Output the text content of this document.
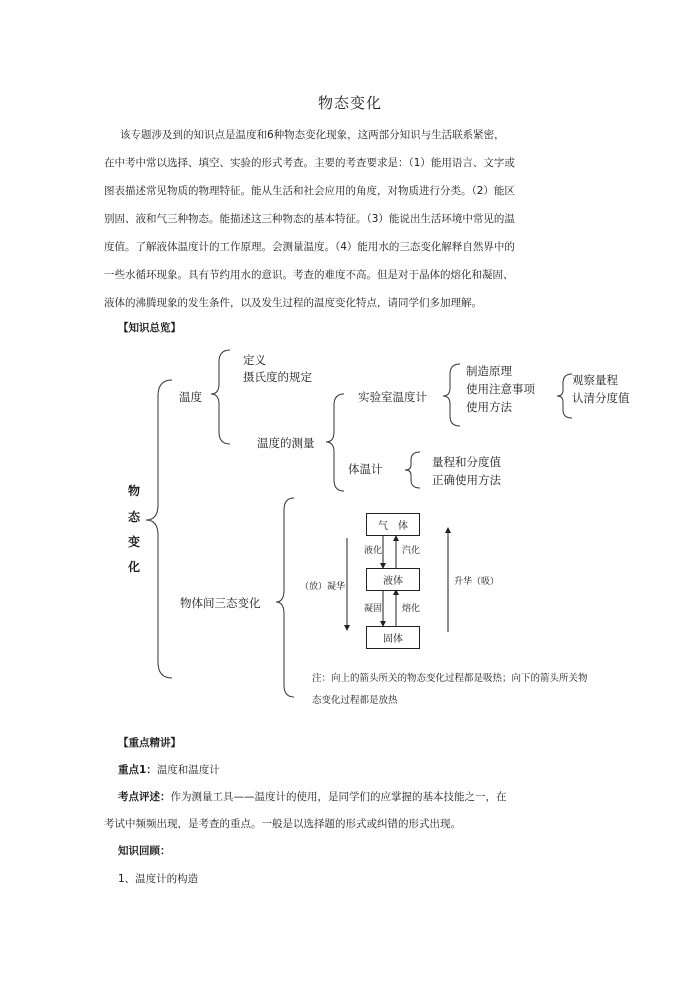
物态变化
该专题涉及到的知识点是温度和6种物态变化现象，这两部分知识与生活联系紧密，
在中考中常以选择、填空、实验的形式考查。主要的考查要求是：（1）能用语言、文字或
图表描述常见物质的物理特征。能从生活和社会应用的角度，对物质进行分类。（2）能区
别固、液和气三种物态。能描述这三种物态的基本特征。（3）能说出生活环境中常见的温
度值。了解液体温度计的工作原理。会测量温度。（4）能用水的三态变化解释自然界中的
一些水循环现象。具有节约用水的意识。考查的难度不高。但是对于晶体的熔化和凝固、
液体的沸腾现象的发生条件，以及发生过程的温度变化特点，请同学们多加理解。
【知识总览】
物
态
变
化
温度
定义
摄氏度的规定
温度的测量
实验室温度计
制造原理
使用注意事项
使用方法
观察量程
认清分度值
体温计	量程和分度值
正确使用方法
物体间三态变化
气　体
液体
固体
液化 汽化
凝固 熔化
（放）凝华	升华（吸）
注：向上的箭头所关的物态变化过程都是吸热；向下的箭头所关物
态变化过程都是放热
【重点精讲】
重点1：温度和温度计
考点评述：作为测量工具——温度计的使用，是同学们的应掌握的基本技能之一，在
考试中频频出现，是考查的重点。一般是以选择题的形式或纠错的形式出现。
知识回顾：
1、温度计的构造
